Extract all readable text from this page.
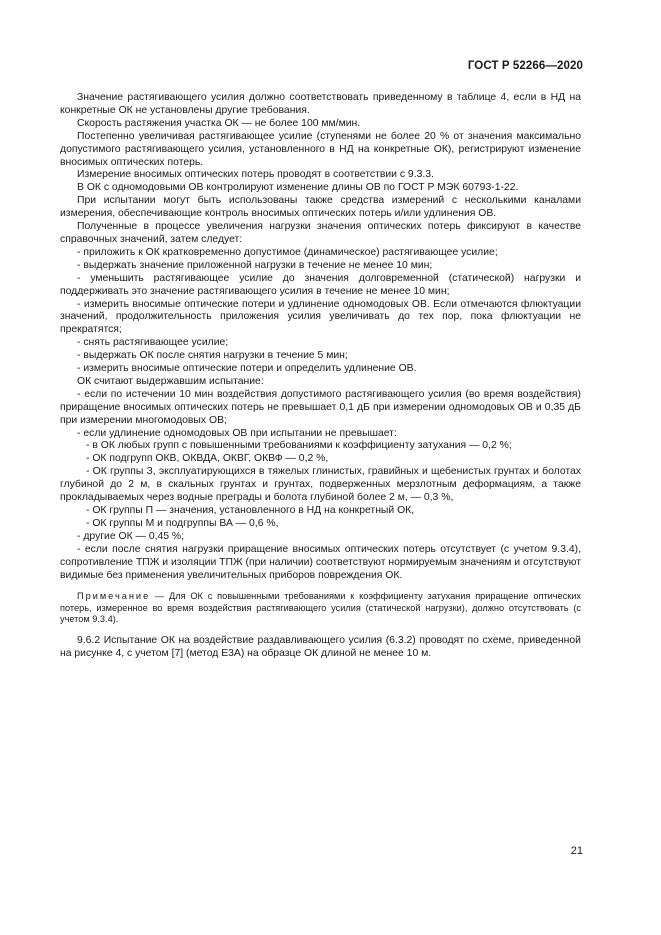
ГОСТ Р 52266—2020

Значение растягивающего усилия должно соответствовать приведенному в таблице 4, если в НД на конкретные ОК не установлены другие требования.

Скорость растяжения участка ОК — не более 100 мм/мин.

Постепенно увеличивая растягивающее усилие (ступенями не более 20 % от значения максимально допустимого растягивающего усилия, установленного в НД на конкретные ОК), регистрируют изменение вносимых оптических потерь.

Измерение вносимых оптических потерь проводят в соответствии с 9.3.3.

В ОК с одномодовыми ОВ контролируют изменение длины ОВ по ГОСТ Р МЭК 60793-1-22.

При испытании могут быть использованы также средства измерений с несколькими каналами измерения, обеспечивающие контроль вносимых оптических потерь и/или удлинения ОВ.

Полученные в процессе увеличения нагрузки значения оптических потерь фиксируют в качестве справочных значений, затем следует:

- приложить к ОК кратковременно допустимое (динамическое) растягивающее усилие;

- выдержать значение приложенной нагрузки в течение не менее 10 мин;

- уменьшить растягивающее усилие до значения долговременной (статической) нагрузки и поддерживать это значение растягивающего усилия в течение не менее 10 мин;

- измерить вносимые оптические потери и удлинение одномодовых ОВ. Если отмечаются флюктуации значений, продолжительность приложения усилия увеличивать до тех пор, пока флюктуации не прекратятся;

- снять растягивающее усилие;

- выдержать ОК после снятия нагрузки в течение 5 мин;

- измерить вносимые оптические потери и определить удлинение ОВ.

ОК считают выдержавшим испытание:

- если по истечении 10 мин воздействия допустимого растягивающего усилия (во время воздействия) приращение вносимых оптических потерь не превышает 0,1 дБ при измерении одномодовых ОВ и 0,35 дБ при измерении многомодовых ОВ;

- если удлинение одномодовых ОВ при испытании не превышает:

- в ОК любых групп с повышенными требованиями к коэффициенту затухания — 0,2 %;

- ОК подгрупп ОКВ, ОКВДА, ОКВГ, ОКВФ — 0,2 %,

- ОК группы З, эксплуатирующихся в тяжелых глинистых, гравийных и щебенистых грунтах и болотах глубиной до 2 м, в скальных грунтах и грунтах, подверженных мерзлотным деформациям, а также прокладываемых через водные преграды и болота глубиной более 2 м, — 0,3 %,

- ОК группы П — значения, установленного в НД на конкретный ОК,

- ОК группы М и подгруппы ВА — 0,6 %,

- другие ОК — 0,45 %;

- если после снятия нагрузки приращение вносимых оптических потерь отсутствует (с учетом 9.3.4), сопротивление ТПЖ и изоляции ТПЖ (при наличии) соответствуют нормируемым значениям и отсутствуют видимые без применения увеличительных приборов повреждения ОК.

Примечание — Для ОК с повышенными требованиями к коэффициенту затухания приращение оптических потерь, измеренное во время воздействия растягивающего усилия (статической нагрузки), должно отсутствовать (с учетом 9.3.4).

9.6.2 Испытание ОК на воздействие раздавливающего усилия (6.3.2) проводят по схеме, приведенной на рисунке 4, с учетом [7] (метод Е3А) на образце ОК длиной не менее 10 м.

21
